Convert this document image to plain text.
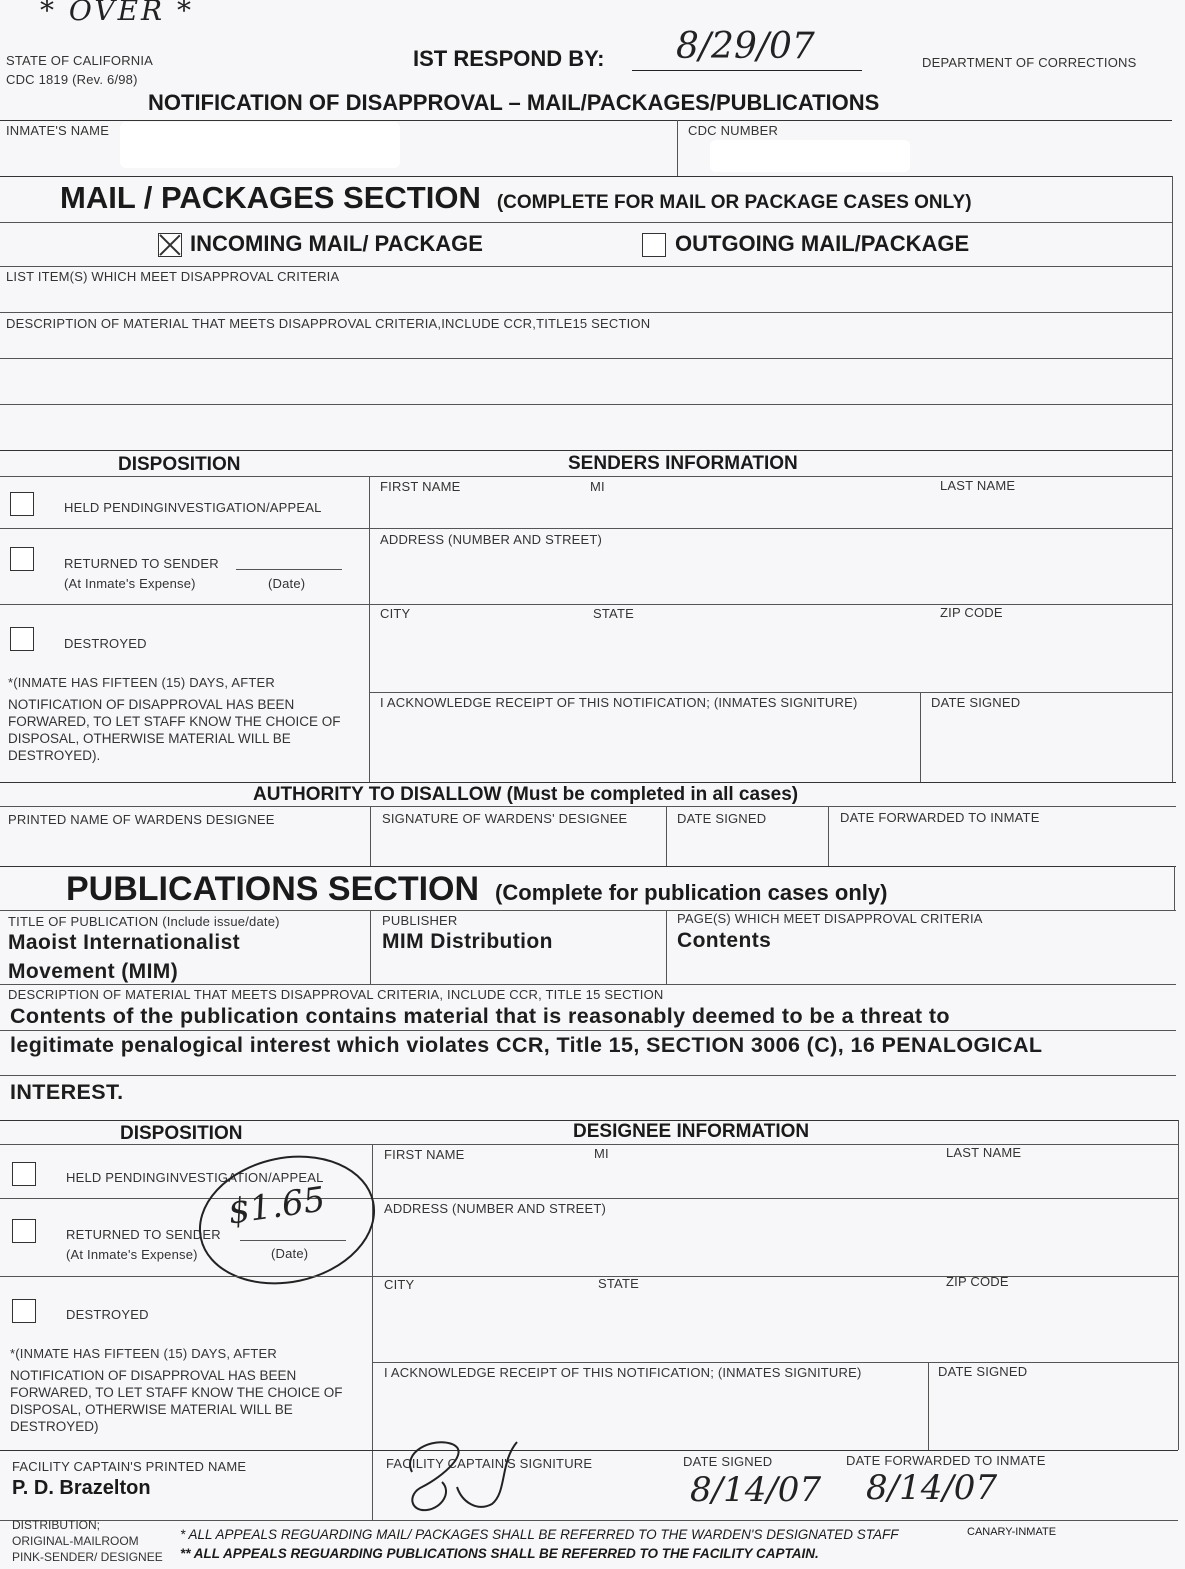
* OVER *
STATE OF CALIFORNIA
CDC 1819 (Rev. 6/98)
IST RESPOND BY: 8/29/07	DEPARTMENT OF CORRECTIONS
NOTIFICATION OF DISAPPROVAL – MAIL/PACKAGES/PUBLICATIONS
INMATE'S NAME	CDC NUMBER
MAIL / PACKAGES SECTION (COMPLETE FOR MAIL OR PACKAGE CASES ONLY)
INCOMING MAIL/ PACKAGE	OUTGOING MAIL/PACKAGE
LIST ITEM(S) WHICH MEET DISAPPROVAL CRITERIA
DESCRIPTION OF MATERIAL THAT MEETS DISAPPROVAL CRITERIA,INCLUDE CCR,TITLE15 SECTION
DISPOSITION	SENDERS INFORMATION
HELD PENDINGINVESTIGATION/APPEAL
RETURNED TO SENDER
(At Inmate's Expense)	(Date)
DESTROYED
*(INMATE HAS FIFTEEN (15) DAYS, AFTER
NOTIFICATION OF DISAPPROVAL HAS BEEN FORWARED, TO LET STAFF KNOW THE CHOICE OF DISPOSAL, OTHERWISE MATERIAL WILL BE DESTROYED).
FIRST NAME	MI	LAST NAME
ADDRESS (NUMBER AND STREET)
CITY	STATE	ZIP CODE
I ACKNOWLEDGE RECEIPT OF THIS NOTIFICATION; (INMATES SIGNITURE)	DATE SIGNED
AUTHORITY TO DISALLOW (Must be completed in all cases)
PRINTED NAME OF WARDENS DESIGNEE	SIGNATURE OF WARDENS' DESIGNEE	DATE SIGNED	DATE FORWARDED TO INMATE
PUBLICATIONS SECTION (Complete for publication cases only)
TITLE OF PUBLICATION (Include issue/date)
Maoist Internationalist
Movement (MIM)
PUBLISHER
MIM Distribution
PAGE(S) WHICH MEET DISAPPROVAL CRITERIA
Contents
DESCRIPTION OF MATERIAL THAT MEETS DISAPPROVAL CRITERIA, INCLUDE CCR, TITLE 15 SECTION
Contents of the publication contains material that is reasonably deemed to be a threat to
legitimate penalogical interest which violates CCR, Title 15, SECTION 3006 (C), 16 PENALOGICAL
INTEREST.
DISPOSITION	DESIGNEE INFORMATION
HELD PENDINGINVESTIGATION/APPEAL
RETURNED TO SENDER
(At Inmate's Expense)	(Date)
$1.65
DESTROYED
*(INMATE HAS FIFTEEN (15) DAYS, AFTER
NOTIFICATION OF DISAPPROVAL HAS BEEN FORWARED, TO LET STAFF KNOW THE CHOICE OF DISPOSAL, OTHERWISE MATERIAL WILL BE DESTROYED)
FIRST NAME	MI	LAST NAME
ADDRESS (NUMBER AND STREET)
CITY	STATE	ZIP CODE
I ACKNOWLEDGE RECEIPT OF THIS NOTIFICATION; (INMATES SIGNITURE)	DATE SIGNED
FACILITY CAPTAIN'S PRINTED NAME
P. D. Brazelton
FACILITY CAPTAIN'S SIGNITURE	DATE SIGNED
8/14/07
DATE FORWARDED TO INMATE
8/14/07
DISTRIBUTION;
ORIGINAL-MAILROOM
PINK-SENDER/ DESIGNEE
* ALL APPEALS REGUARDING MAIL/ PACKAGES SHALL BE REFERRED TO THE WARDEN'S DESIGNATED STAFF	CANARY-INMATE
** ALL APPEALS REGUARDING PUBLICATIONS SHALL BE REFERRED TO THE FACILITY CAPTAIN.
